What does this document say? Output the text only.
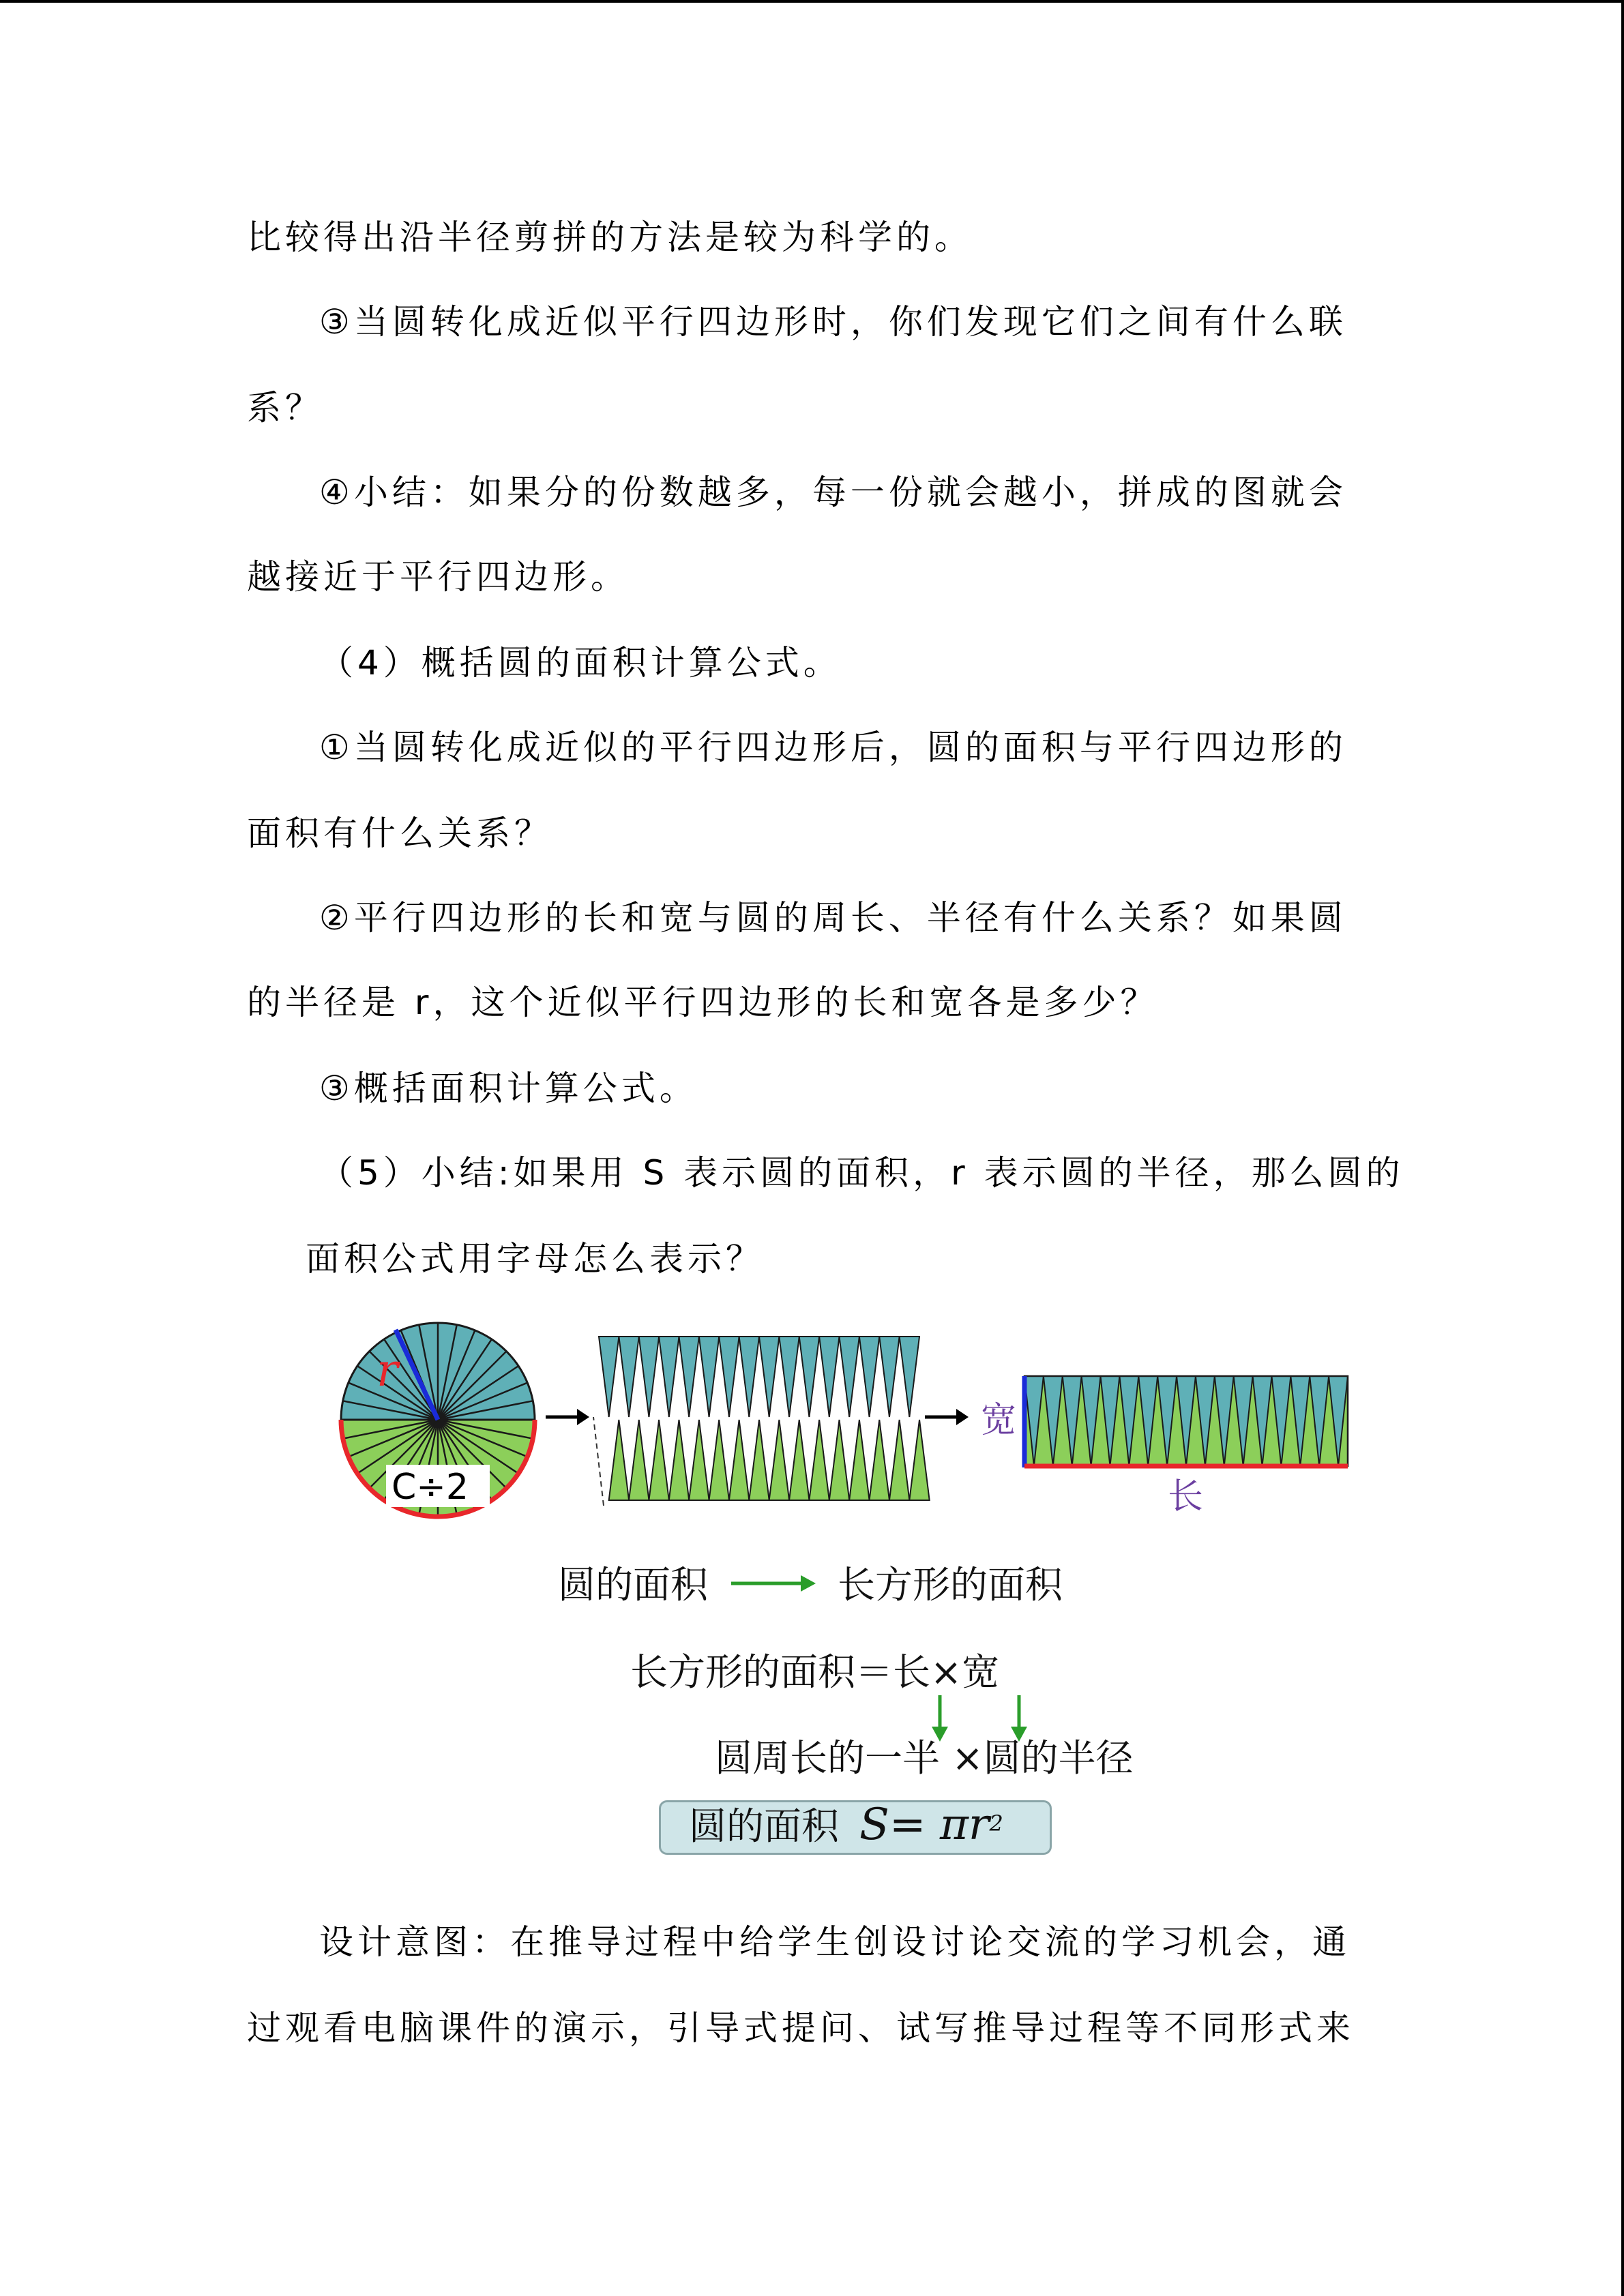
比较得出沿半径剪拼的方法是较为科学的。
③当圆转化成近似平行四边形时，你们发现它们之间有什么联
系？
④小结：如果分的份数越多，每一份就会越小，拼成的图就会
越接近于平行四边形。
（4）概括圆的面积计算公式。
①当圆转化成近似的平行四边形后，圆的面积与平行四边形的
面积有什么关系？
②平行四边形的长和宽与圆的周长、半径有什么关系？如果圆
的半径是 r，这个近似平行四边形的长和宽各是多少？
③概括面积计算公式。
（5）小结:如果用 S 表示圆的面积，r 表示圆的半径，那么圆的
面积公式用字母怎么表示？
r
C÷2
宽
长
圆的面积	长方形的面积
长方形的面积＝长×宽
圆周长的一半 ×圆的半径
圆的面积 $S= \pi r^2$
设计意图：在推导过程中给学生创设讨论交流的学习机会，通
过观看电脑课件的演示，引导式提问、试写推导过程等不同形式来
